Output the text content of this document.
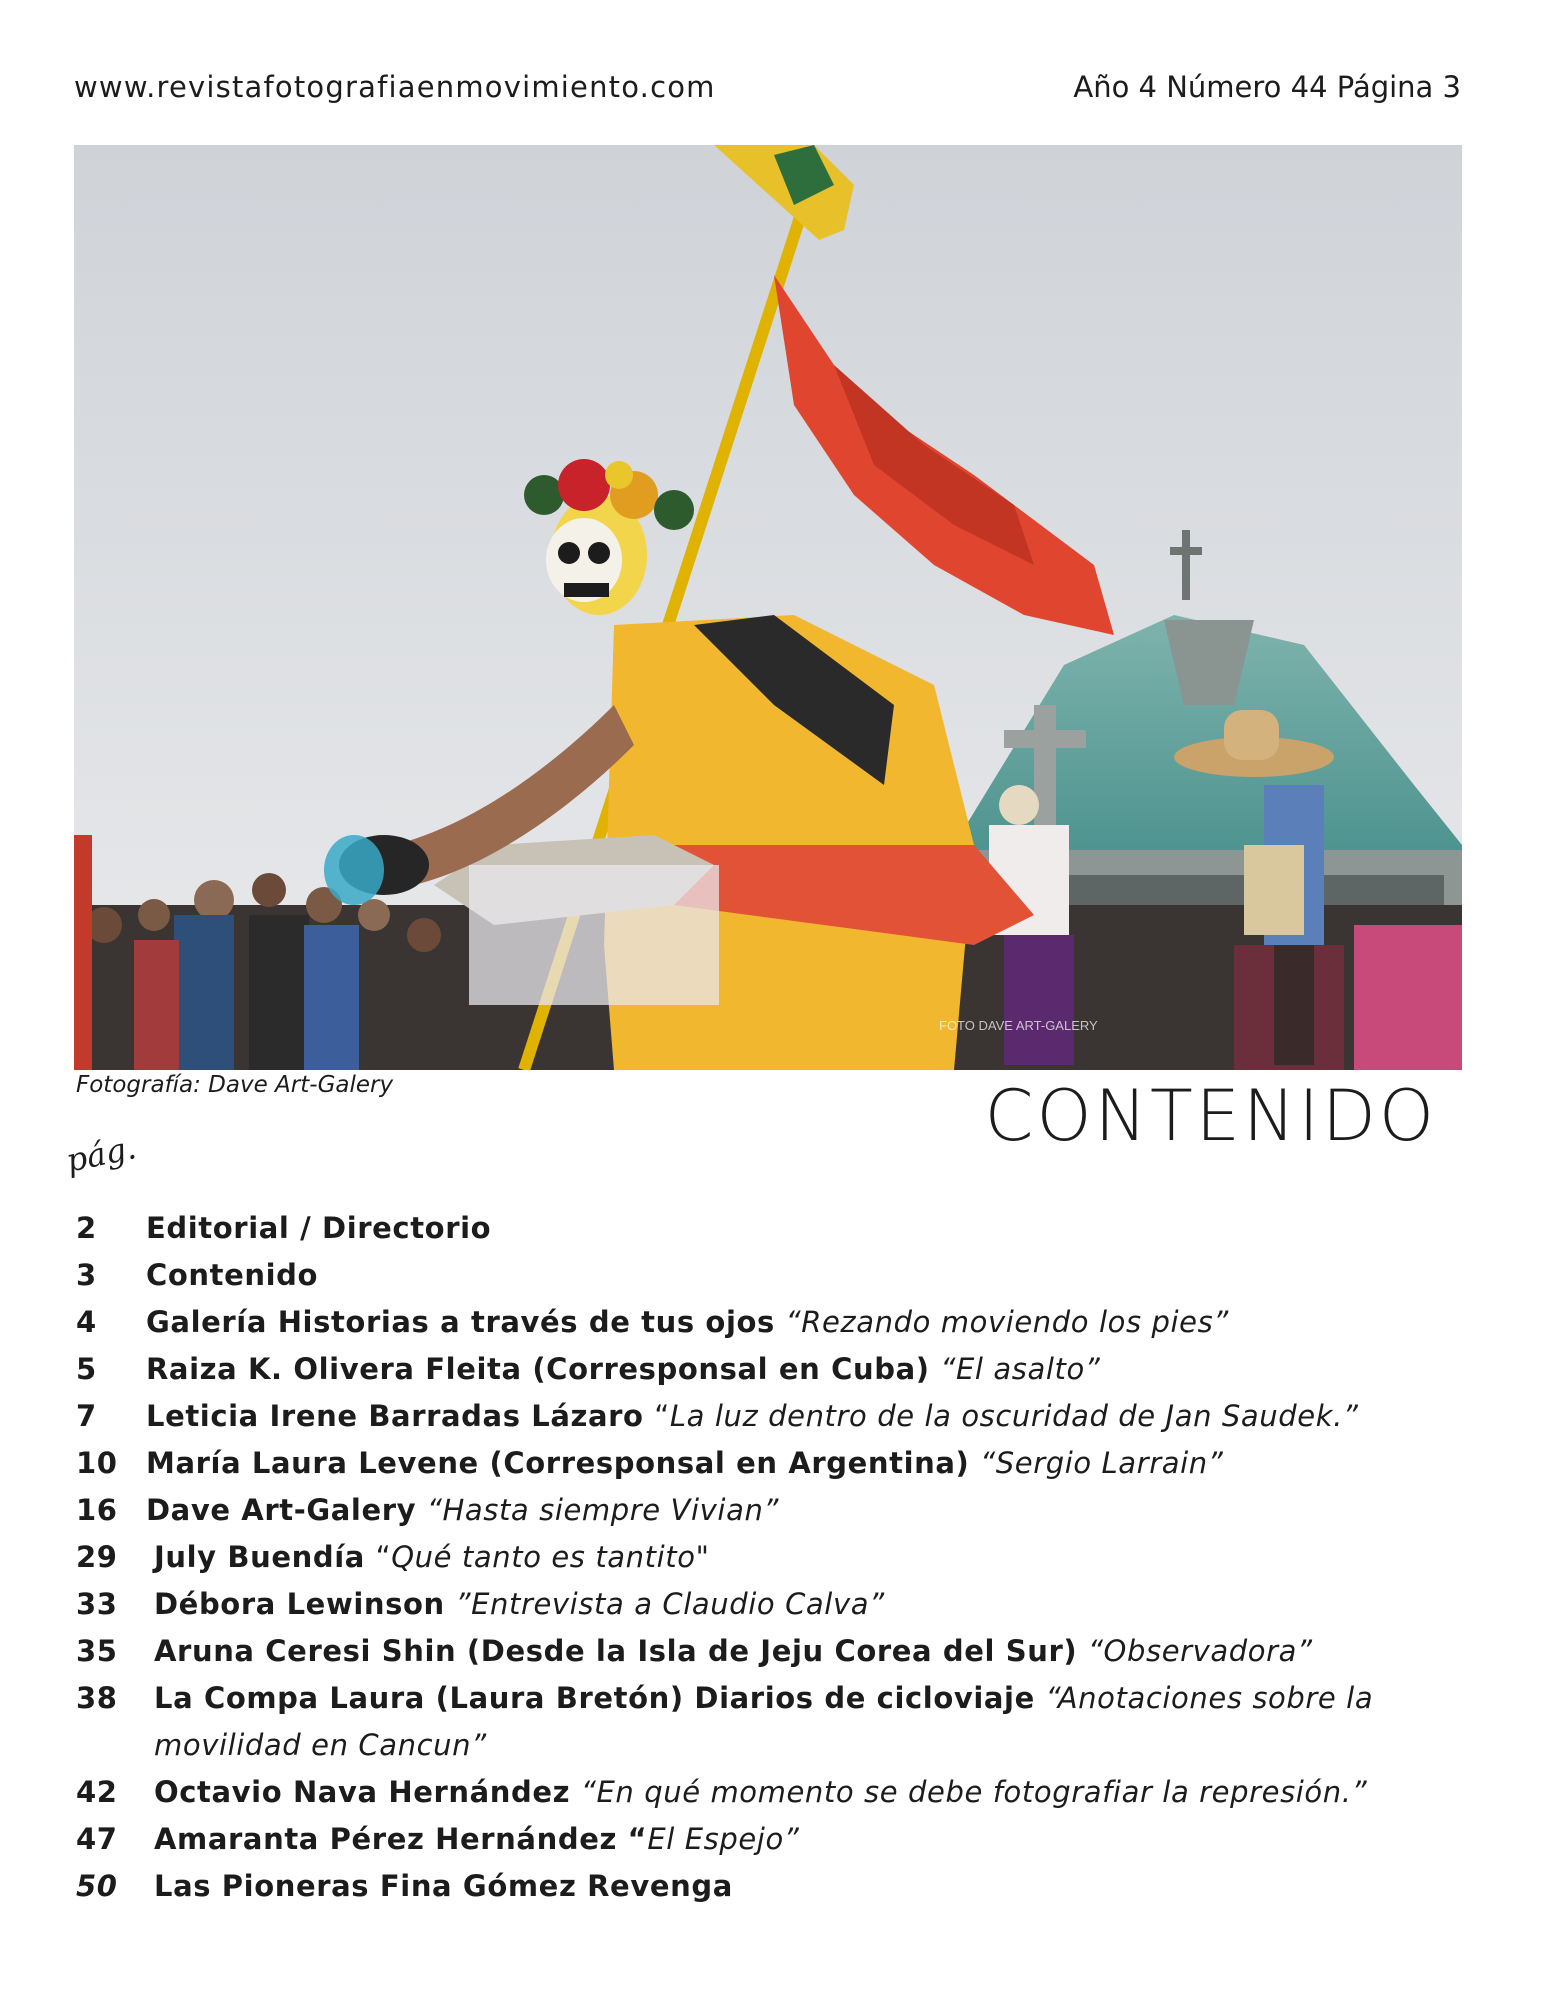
www.revistafotografiaenmovimiento.com	Año 4 Número 44 Página 3
FOTO DAVE ART-GALERY
Fotografía: Dave Art-Galery	CONTENIDO
pág.
2	Editorial / Directorio
3	Contenido
4	Galería Historias a través de tus ojos “Rezando moviendo los pies”
5	Raiza K. Olivera Fleita (Corresponsal en Cuba) “El asalto”
7	Leticia Irene Barradas Lázaro “La luz dentro de la oscuridad de Jan Saudek.”
10 María Laura Levene (Corresponsal en Argentina) “Sergio Larrain”
16 Dave Art-Galery “Hasta siempre Vivian”
29	July Buendía “Qué tanto es tantito"
33	Débora Lewinson ”Entrevista a Claudio Calva”
35	Aruna Ceresi Shin (Desde la Isla de Jeju Corea del Sur) “Observadora”
38	La Compa Laura (Laura Bretón) Diarios de cicloviaje “Anotaciones sobre la movilidad en Cancun”
42	Octavio Nava Hernández “En qué momento se debe fotografiar la represión.”
47	Amaranta Pérez Hernández “El Espejo”
50	Las Pioneras Fina Gómez Revenga
